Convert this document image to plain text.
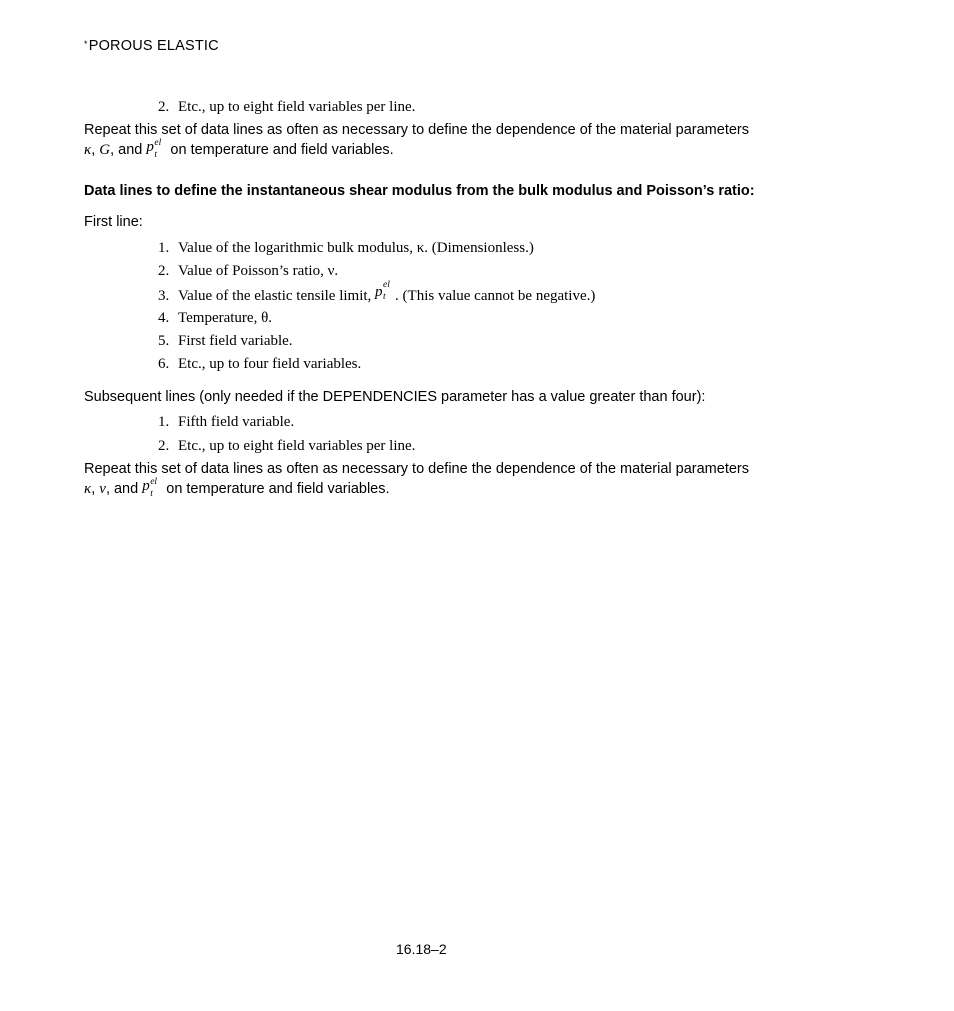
*POROUS ELASTIC
2. Etc., up to eight field variables per line.
Repeat this set of data lines as often as necessary to define the dependence of the material parameters
κ, G, and p el
t on temperature and field variables.
Data lines to define the instantaneous shear modulus from the bulk modulus and Poisson’s ratio:
First line:
1. Value of the logarithmic bulk modulus, κ. (Dimensionless.)
2. Value of Poisson’s ratio, ν.
3. Value of the elastic tensile limit, p el
t . (This value cannot be negative.)
4. Temperature, θ.
5. First field variable.
6. Etc., up to four field variables.
Subsequent lines (only needed if the DEPENDENCIES parameter has a value greater than four):
1. Fifth field variable.
2. Etc., up to eight field variables per line.
Repeat this set of data lines as often as necessary to define the dependence of the material parameters
κ, ν, and p el
t on temperature and field variables.
16.18–2
